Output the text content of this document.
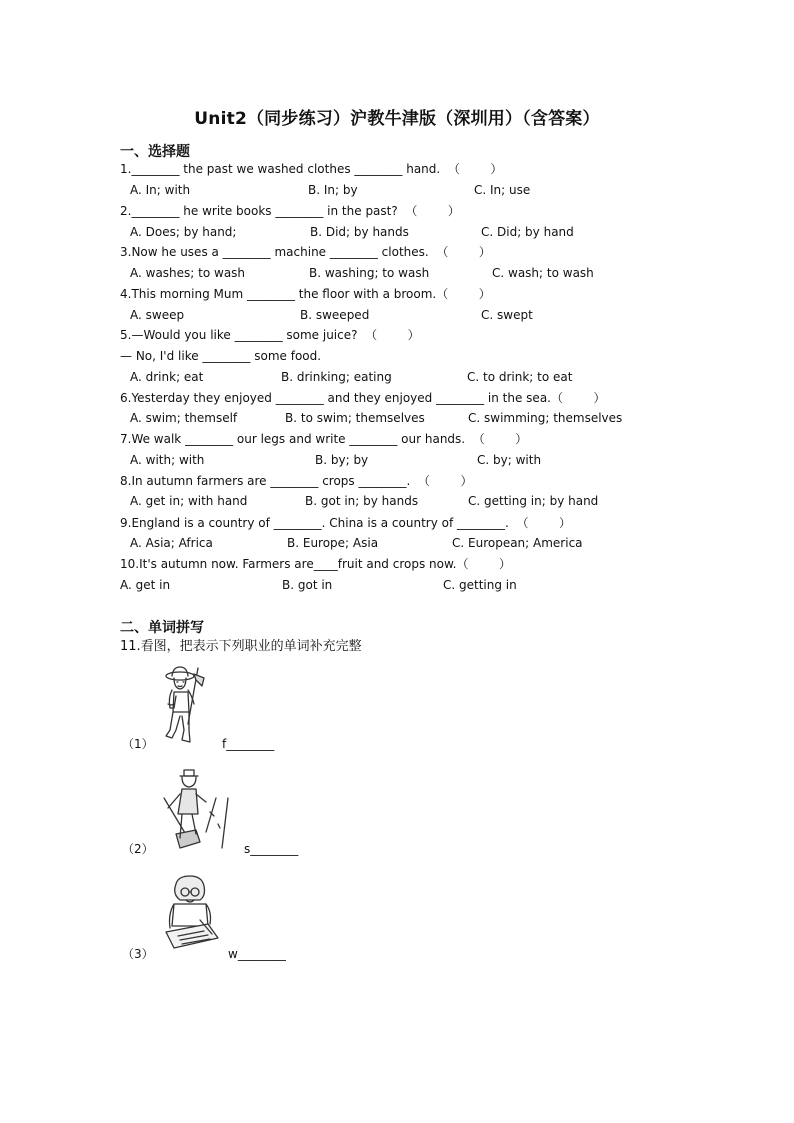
Unit2（同步练习）沪教牛津版（深圳用）（含答案）
一、选择题
1.________ the past we washed clothes ________ hand.  （        ）
A. In; with	B. In; by	C. In; use
2.________ he write books ________ in the past?  （        ）
A. Does; by hand;	B. Did; by hands	C. Did; by hand
3.Now he uses a ________ machine ________ clothes.  （        ）
A. washes; to wash	B. washing; to wash	C. wash; to wash
4.This morning Mum ________ the floor with a broom.（        ）
A. sweep	B. sweeped	C. swept
5.—Would you like ________ some juice?  （        ）
— No, I'd like ________ some food.
A. drink; eat	B. drinking; eating	C. to drink; to eat
6.Yesterday they enjoyed ________ and they enjoyed ________ in the sea.（        ）
A. swim; themself	B. to swim; themselves	C. swimming; themselves
7.We walk ________ our legs and write ________ our hands.  （        ）
A. with; with	B. by; by	C. by; with
8.In autumn farmers are ________ crops ________.  （        ）
A. get in; with hand	B. got in; by hands	C. getting in; by hand
9.England is a country of ________. China is a country of ________.  （        ）
A. Asia; Africa	B. Europe; Asia	C. European; America
10.It's autumn now. Farmers are____fruit and crops now.（        ）
A. get in	B. got in	C. getting in
二、单词拼写
11.看图，把表示下列职业的单词补充完整
（1）	f________
（2）	s________
（3）	w________
